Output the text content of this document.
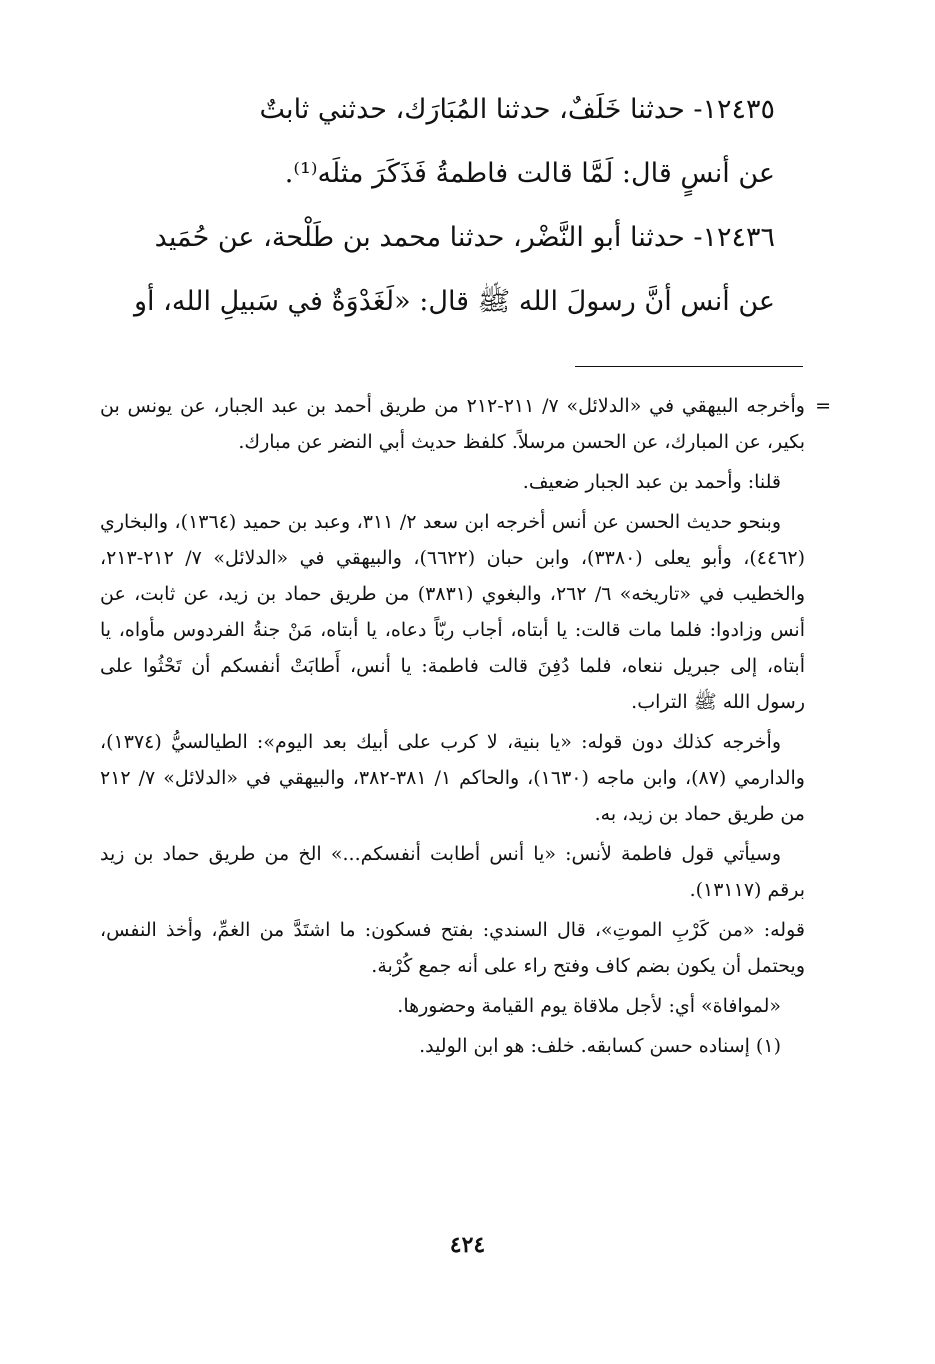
١٢٤٣٥- حدثنا خَلَفٌ، حدثنا المُبَارَك، حدثني ثابتٌ

عن أنسٍ قال: لَمَّا قالت فاطمةُ فَذَكَرَ مثلَه⁽¹⁾.

١٢٤٣٦- حدثنا أبو النَّضْر، حدثنا محمد بن طَلْحة، عن حُمَيد

عن أنس أنَّ رسولَ الله ﷺ قال: «لَغَدْوَةٌ في سَبيلِ الله، أو

=

وأخرجه البيهقي في «الدلائل» ٧/ ٢١١-٢١٢ من طريق أحمد بن عبد الجبار، عن يونس بن بكير، عن المبارك، عن الحسن مرسلاً. كلفظ حديث أبي النضر عن مبارك.

قلنا: وأحمد بن عبد الجبار ضعيف.

وبنحو حديث الحسن عن أنس أخرجه ابن سعد ٢/ ٣١١، وعبد بن حميد (١٣٦٤)، والبخاري (٤٤٦٢)، وأبو يعلى (٣٣٨٠)، وابن حبان (٦٦٢٢)، والبيهقي في «الدلائل» ٧/ ٢١٢-٢١٣، والخطيب في «تاريخه» ٦/ ٢٦٢، والبغوي (٣٨٣١) من طريق حماد بن زيد، عن ثابت، عن أنس وزادوا: فلما مات قالت: يا أبتاه، أجاب ربّاً دعاه، يا أبتاه، مَنْ جنةُ الفردوس مأواه، يا أبتاه، إلى جبريل ننعاه، فلما دُفِنَ قالت فاطمة: يا أنس، أَطابَتْ أنفسكم أن تَحْثُوا على رسول الله ﷺ التراب.

وأخرجه كذلك دون قوله: «يا بنية، لا كرب على أبيك بعد اليوم»: الطيالسيُّ (١٣٧٤)، والدارمي (٨٧)، وابن ماجه (١٦٣٠)، والحاكم ١/ ٣٨١-٣٨٢، والبيهقي في «الدلائل» ٧/ ٢١٢ من طريق حماد بن زيد، به.

وسيأتي قول فاطمة لأنس: «يا أنس أطابت أنفسكم...» الخ من طريق حماد بن زيد برقم (١٣١١٧).

قوله: «من كَرْبِ الموتِ»، قال السندي: بفتح فسكون: ما اشتَدَّ من الغمِّ، وأخذ النفس، ويحتمل أن يكون بضم كاف وفتح راء على أنه جمع كُرْبة.

«لموافاة» أي: لأجل ملاقاة يوم القيامة وحضورها.

(١) إسناده حسن كسابقه. خلف: هو ابن الوليد.

٤٢٤
